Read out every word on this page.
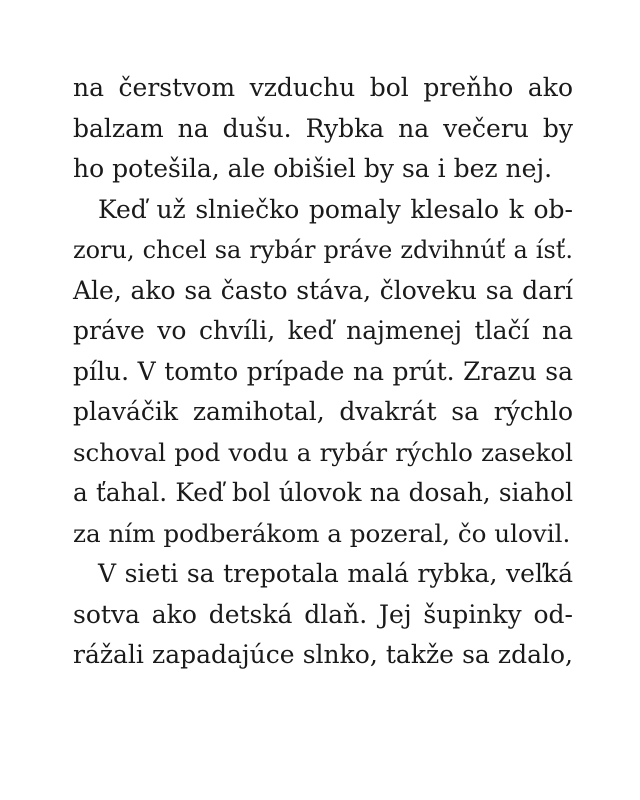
na čerstvom vzduchu bol preňho ako
balzam na dušu. Rybka na večeru by
ho potešila, ale obišiel by sa i bez nej.
Keď už slniečko pomaly klesalo k ob-
zoru, chcel sa rybár práve zdvihnúť a ísť.
Ale, ako sa často stáva, človeku sa darí
práve vo chvíli, keď najmenej tlačí na
pílu. V tomto prípade na prút. Zrazu sa
plaváčik zamihotal, dvakrát sa rýchlo
schoval pod vodu a rybár rýchlo zasekol
a ťahal. Keď bol úlovok na dosah, siahol
za ním podberákom a pozeral, čo ulovil.
V sieti sa trepotala malá rybka, veľká
sotva ako detská dlaň. Jej šupinky od-
rážali zapadajúce slnko, takže sa zdalo,
